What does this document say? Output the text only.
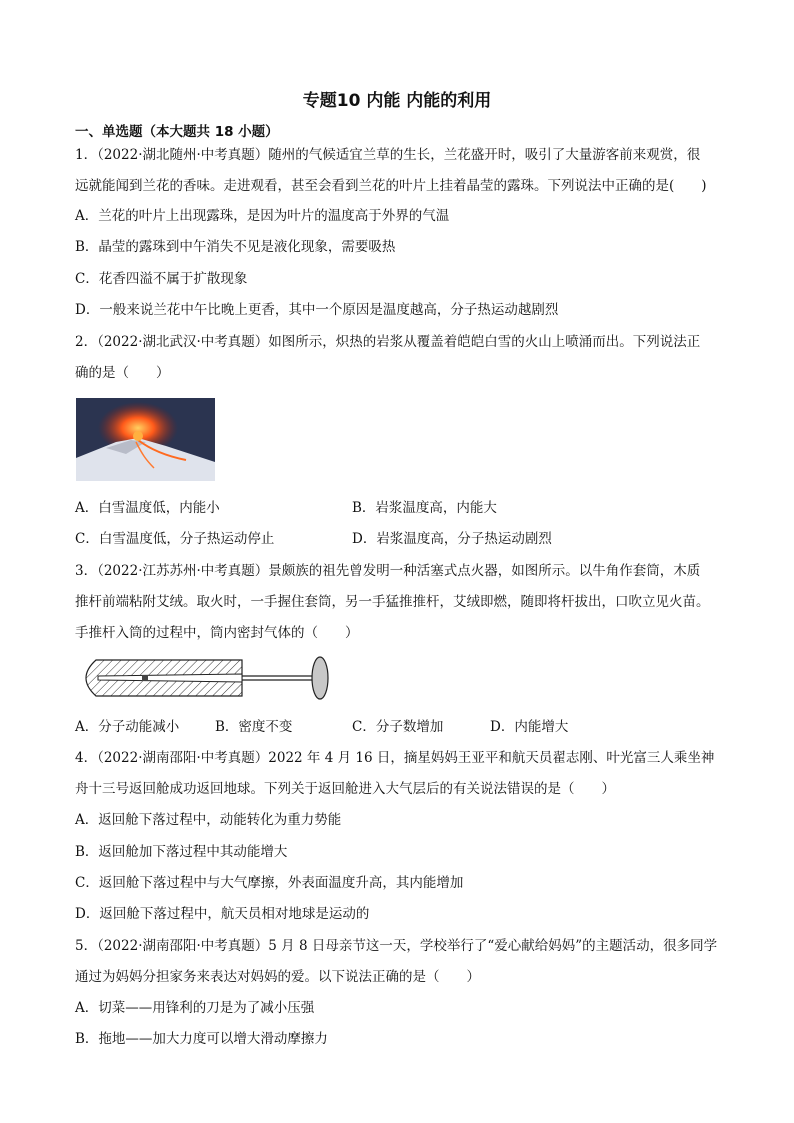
专题10 内能 内能的利用
一、单选题（本大题共 18 小题）
1．（2022·湖北随州·中考真题）随州的气候适宜兰草的生长，兰花盛开时，吸引了大量游客前来观赏，很
远就能闻到兰花的香味。走进观看，甚至会看到兰花的叶片上挂着晶莹的露珠。下列说法中正确的是(　　)
A．兰花的叶片上出现露珠，是因为叶片的温度高于外界的气温
B．晶莹的露珠到中午消失不见是液化现象，需要吸热
C．花香四溢不属于扩散现象
D．一般来说兰花中午比晚上更香，其中一个原因是温度越高，分子热运动越剧烈
2．（2022·湖北武汉·中考真题）如图所示，炽热的岩浆从覆盖着皑皑白雪的火山上喷涌而出。下列说法正
确的是（　　）
A．白雪温度低，内能小	B．岩浆温度高，内能大
C．白雪温度低，分子热运动停止	D．岩浆温度高，分子热运动剧烈
3．（2022·江苏苏州·中考真题）景颇族的祖先曾发明一种活塞式点火器，如图所示。以牛角作套筒，木质
推杆前端粘附艾绒。取火时，一手握住套筒，另一手猛推推杆，艾绒即燃，随即将杆拔出，口吹立见火苗。
手推杆入筒的过程中，筒内密封气体的（　　）
A．分子动能减小	B．密度不变	C．分子数增加	D．内能增大
4．（2022·湖南邵阳·中考真题）2022 年 4 月 16 日，摘星妈妈王亚平和航天员翟志刚、叶光富三人乘坐神
舟十三号返回舱成功返回地球。下列关于返回舱进入大气层后的有关说法错误的是（　　）
A．返回舱下落过程中，动能转化为重力势能
B．返回舱加下落过程中其动能增大
C．返回舱下落过程中与大气摩擦，外表面温度升高，其内能增加
D．返回舱下落过程中，航天员相对地球是运动的
5．（2022·湖南邵阳·中考真题）5 月 8 日母亲节这一天，学校举行了“爱心献给妈妈”的主题活动，很多同学
通过为妈妈分担家务来表达对妈妈的爱。以下说法正确的是（　　）
A．切菜——用锋利的刀是为了减小压强
B．拖地——加大力度可以增大滑动摩擦力
